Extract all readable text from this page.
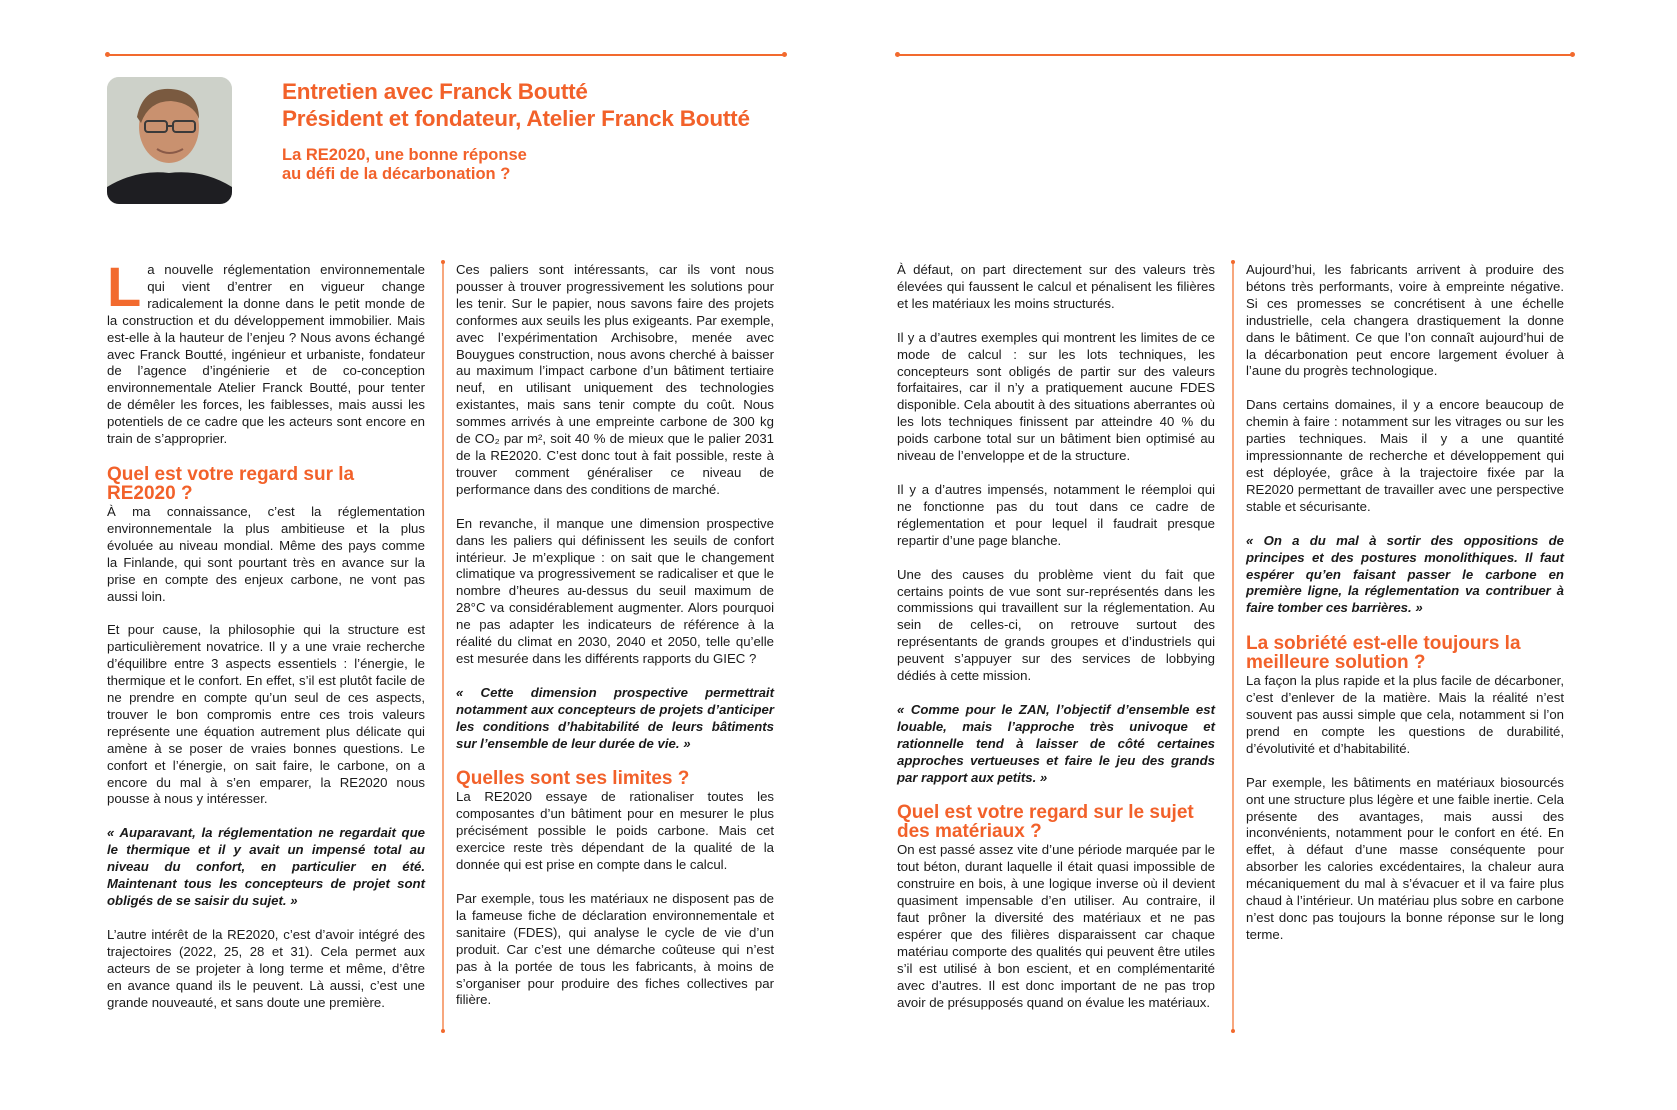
Entretien avec Franck Boutté
Président et fondateur, Atelier Franck Boutté
La RE2020, une bonne réponse
au défi de la décarbonation ?

La nouvelle réglementation environnementale qui vient d’entrer en vigueur change radicalement la donne dans le petit monde de la construction et du développement immobilier. Mais est-elle à la hauteur de l’enjeu ? Nous avons échangé avec Franck Boutté, ingénieur et urbaniste, fondateur de l’agence d’ingénierie et de co-conception environnementale Atelier Franck Boutté, pour tenter de démêler les forces, les faiblesses, mais aussi les potentiels de ce cadre que les acteurs sont encore en train de s’approprier.

Quel est votre regard sur la RE2020 ?

À ma connaissance, c’est la réglementation environnementale la plus ambitieuse et la plus évoluée au niveau mondial. Même des pays comme la Finlande, qui sont pourtant très en avance sur la prise en compte des enjeux carbone, ne vont pas aussi loin.

Et pour cause, la philosophie qui la structure est particulièrement novatrice. Il y a une vraie recherche d’équilibre entre 3 aspects essentiels : l’énergie, le thermique et le confort. En effet, s’il est plutôt facile de ne prendre en compte qu’un seul de ces aspects, trouver le bon compromis entre ces trois valeurs représente une équation autrement plus délicate qui amène à se poser de vraies bonnes questions. Le confort et l’énergie, on sait faire, le carbone, on a encore du mal à s’en emparer, la RE2020 nous pousse à nous y intéresser.

« Auparavant, la réglementation ne regardait que le thermique et il y avait un impensé total au niveau du confort, en particulier en été. Maintenant tous les concepteurs de projet sont obligés de se saisir du sujet. »

L’autre intérêt de la RE2020, c’est d’avoir intégré des trajectoires (2022, 25, 28 et 31). Cela permet aux acteurs de se projeter à long terme et même, d’être en avance quand ils le peuvent. Là aussi, c’est une grande nouveauté, et sans doute une première.

Ces paliers sont intéressants, car ils vont nous pousser à trouver progressivement les solutions pour les tenir. Sur le papier, nous savons faire des projets conformes aux seuils les plus exigeants. Par exemple, avec l’expérimentation Archisobre, menée avec Bouygues construction, nous avons cherché à baisser au maximum l’impact carbone d’un bâtiment tertiaire neuf, en utilisant uniquement des technologies existantes, mais sans tenir compte du coût. Nous sommes arrivés à une empreinte carbone de 300 kg de CO₂ par m², soit 40 % de mieux que le palier 2031 de la RE2020. C’est donc tout à fait possible, reste à trouver comment généraliser ce niveau de performance dans des conditions de marché.

En revanche, il manque une dimension prospective dans les paliers qui définissent les seuils de confort intérieur. Je m’explique : on sait que le changement climatique va progressivement se radicaliser et que le nombre d’heures au-dessus du seuil maximum de 28°C va considérablement augmenter. Alors pourquoi ne pas adapter les indicateurs de référence à la réalité du climat en 2030, 2040 et 2050, telle qu’elle est mesurée dans les différents rapports du GIEC ?

« Cette dimension prospective permettrait notamment aux concepteurs de projets d’anticiper les conditions d’habitabilité de leurs bâtiments sur l’ensemble de leur durée de vie. »

Quelles sont ses limites ?

La RE2020 essaye de rationaliser toutes les composantes d’un bâtiment pour en mesurer le plus précisément possible le poids carbone. Mais cet exercice reste très dépendant de la qualité de la donnée qui est prise en compte dans le calcul.

Par exemple, tous les matériaux ne disposent pas de la fameuse fiche de déclaration environnementale et sanitaire (FDES), qui analyse le cycle de vie d’un produit. Car c’est une démarche coûteuse qui n’est pas à la portée de tous les fabricants, à moins de s’organiser pour produire des fiches collectives par filière.

À défaut, on part directement sur des valeurs très élevées qui faussent le calcul et pénalisent les filières et les matériaux les moins structurés.

Il y a d’autres exemples qui montrent les limites de ce mode de calcul : sur les lots techniques, les concepteurs sont obligés de partir sur des valeurs forfaitaires, car il n’y a pratiquement aucune FDES disponible. Cela aboutit à des situations aberrantes où les lots techniques finissent par atteindre 40 % du poids carbone total sur un bâtiment bien optimisé au niveau de l’enveloppe et de la structure.

Il y a d’autres impensés, notamment le réemploi qui ne fonctionne pas du tout dans ce cadre de réglementation et pour lequel il faudrait presque repartir d’une page blanche.

Une des causes du problème vient du fait que certains points de vue sont sur-représentés dans les commissions qui travaillent sur la réglementation. Au sein de celles-ci, on retrouve surtout des représentants de grands groupes et d’industriels qui peuvent s’appuyer sur des services de lobbying dédiés à cette mission.

« Comme pour le ZAN, l’objectif d’ensemble est louable, mais l’approche très univoque et rationnelle tend à laisser de côté certaines approches vertueuses et faire le jeu des grands par rapport aux petits. »

Quel est votre regard sur le sujet des matériaux ?

On est passé assez vite d’une période marquée par le tout béton, durant laquelle il était quasi impossible de construire en bois, à une logique inverse où il devient quasiment impensable d’en utiliser. Au contraire, il faut prôner la diversité des matériaux et ne pas espérer que des filières disparaissent car chaque matériau comporte des qualités qui peuvent être utiles s’il est utilisé à bon escient, et en complémentarité avec d’autres. Il est donc important de ne pas trop avoir de présupposés quand on évalue les matériaux.

Aujourd’hui, les fabricants arrivent à produire des bétons très performants, voire à empreinte négative. Si ces promesses se concrétisent à une échelle industrielle, cela changera drastiquement la donne dans le bâtiment. Ce que l’on connaît aujourd’hui de la décarbonation peut encore largement évoluer à l’aune du progrès technologique.

Dans certains domaines, il y a encore beaucoup de chemin à faire : notamment sur les vitrages ou sur les parties techniques. Mais il y a une quantité impressionnante de recherche et développement qui est déployée, grâce à la trajectoire fixée par la RE2020 permettant de travailler avec une perspective stable et sécurisante.

« On a du mal à sortir des oppositions de principes et des postures monolithiques. Il faut espérer qu’en faisant passer le carbone en première ligne, la réglementation va contribuer à faire tomber ces barrières. »

La sobriété est-elle toujours la meilleure solution ?

La façon la plus rapide et la plus facile de décarboner, c’est d’enlever de la matière. Mais la réalité n’est souvent pas aussi simple que cela, notamment si l’on prend en compte les questions de durabilité, d’évolutivité et d’habitabilité.

Par exemple, les bâtiments en matériaux biosourcés ont une structure plus légère et une faible inertie. Cela présente des avantages, mais aussi des inconvénients, notamment pour le confort en été. En effet, à défaut d’une masse conséquente pour absorber les calories excédentaires, la chaleur aura mécaniquement du mal à s’évacuer et il va faire plus chaud à l’intérieur. Un matériau plus sobre en carbone n’est donc pas toujours la bonne réponse sur le long terme.
